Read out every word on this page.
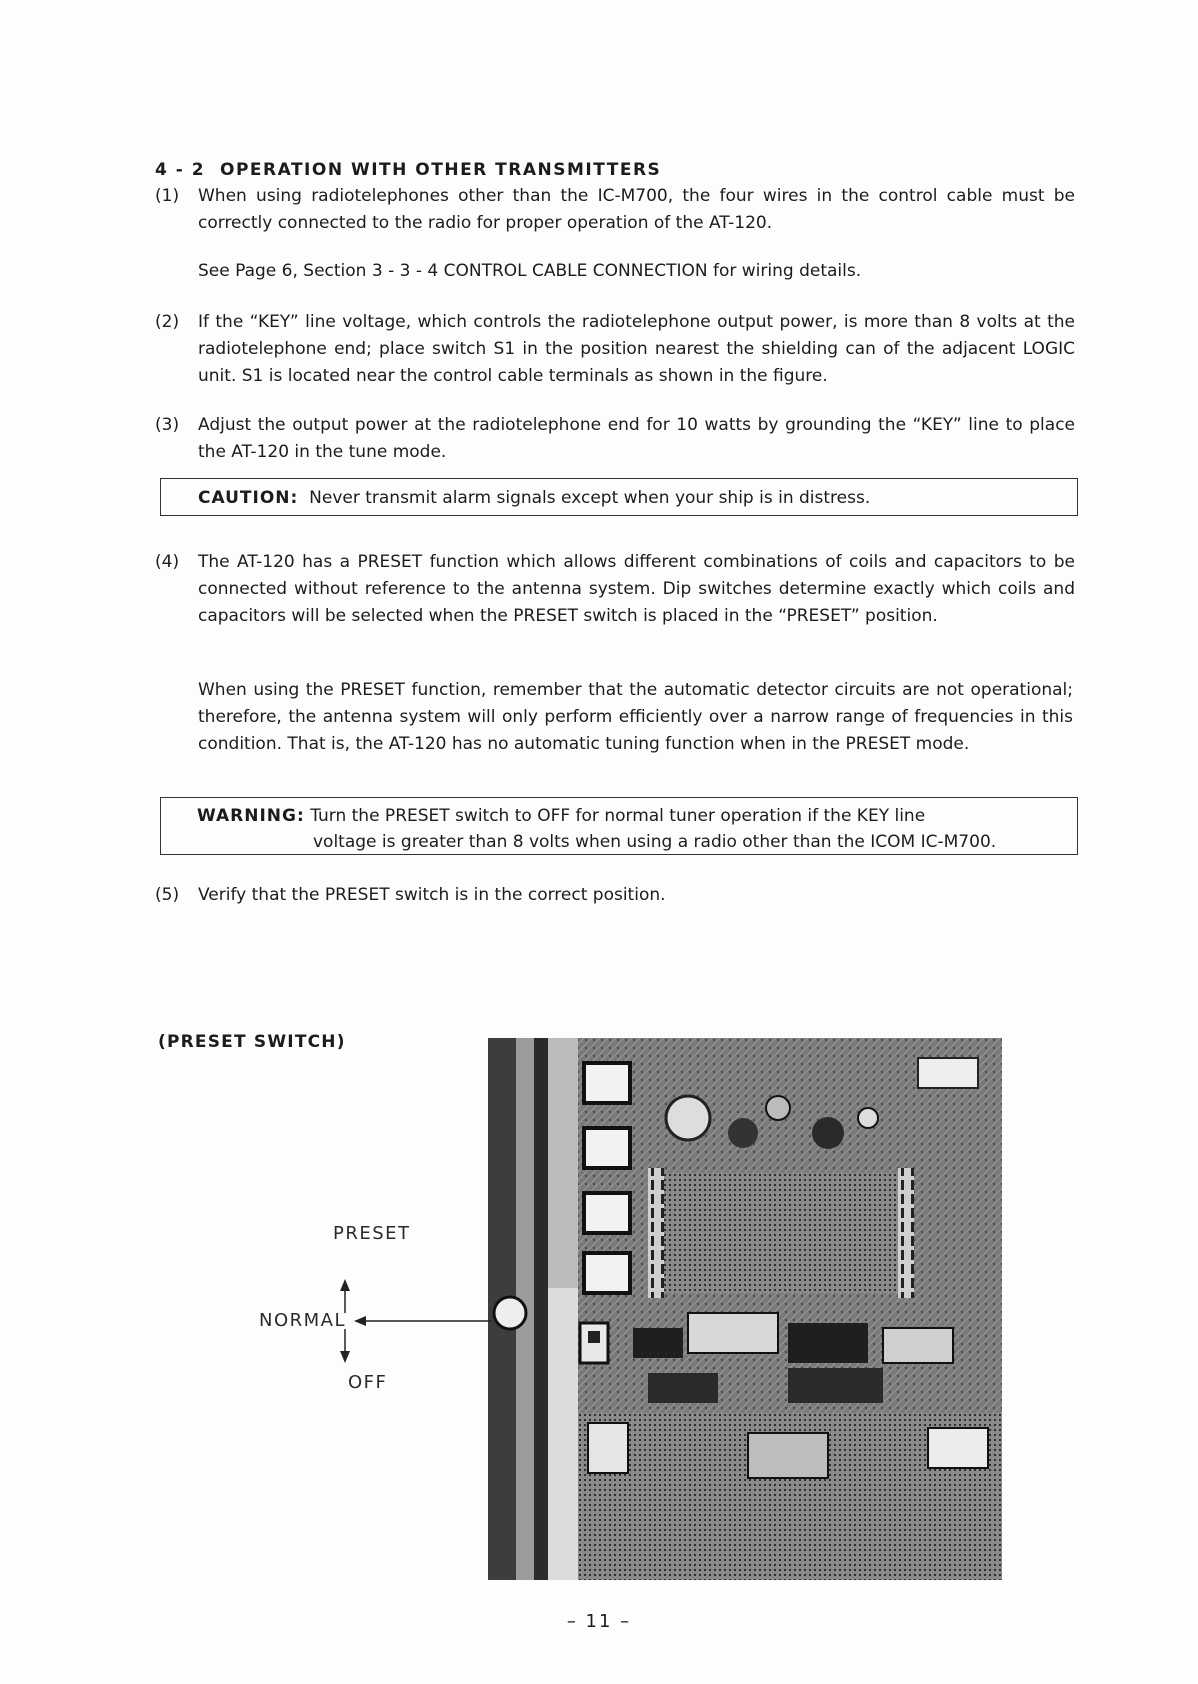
4 - 2 OPERATION WITH OTHER TRANSMITTERS
(1) When using radiotelephones other than the IC-M700, the four wires in the control cable must be correctly connected to the radio for proper operation of the AT-120.
See Page 6, Section 3 - 3 - 4 CONTROL CABLE CONNECTION for wiring details.
(2) If the “KEY” line voltage, which controls the radiotelephone output power, is more than 8 volts at the radiotelephone end; place switch S1 in the position nearest the shielding can of the adjacent LOGIC unit. S1 is located near the control cable terminals as shown in the figure.
(3) Adjust the output power at the radiotelephone end for 10 watts by grounding the “KEY” line to place the AT-120 in the tune mode.
CAUTION: Never transmit alarm signals except when your ship is in distress.
(4) The AT-120 has a PRESET function which allows different combinations of coils and capacitors to be connected without reference to the antenna system. Dip switches determine exactly which coils and capacitors will be selected when the PRESET switch is placed in the “PRESET” position.
When using the PRESET function, remember that the automatic detector circuits are not operational; therefore, the antenna system will only perform efficiently over a narrow range of frequencies in this condition. That is, the AT-120 has no automatic tuning function when in the PRESET mode.
WARNING: Turn the PRESET switch to OFF for normal tuner operation if the KEY line
voltage is greater than 8 volts when using a radio other than the ICOM IC-M700.
(5) Verify that the PRESET switch is in the correct position.
(PRESET SWITCH)
PRESET
NORMAL
OFF
– 11 –
